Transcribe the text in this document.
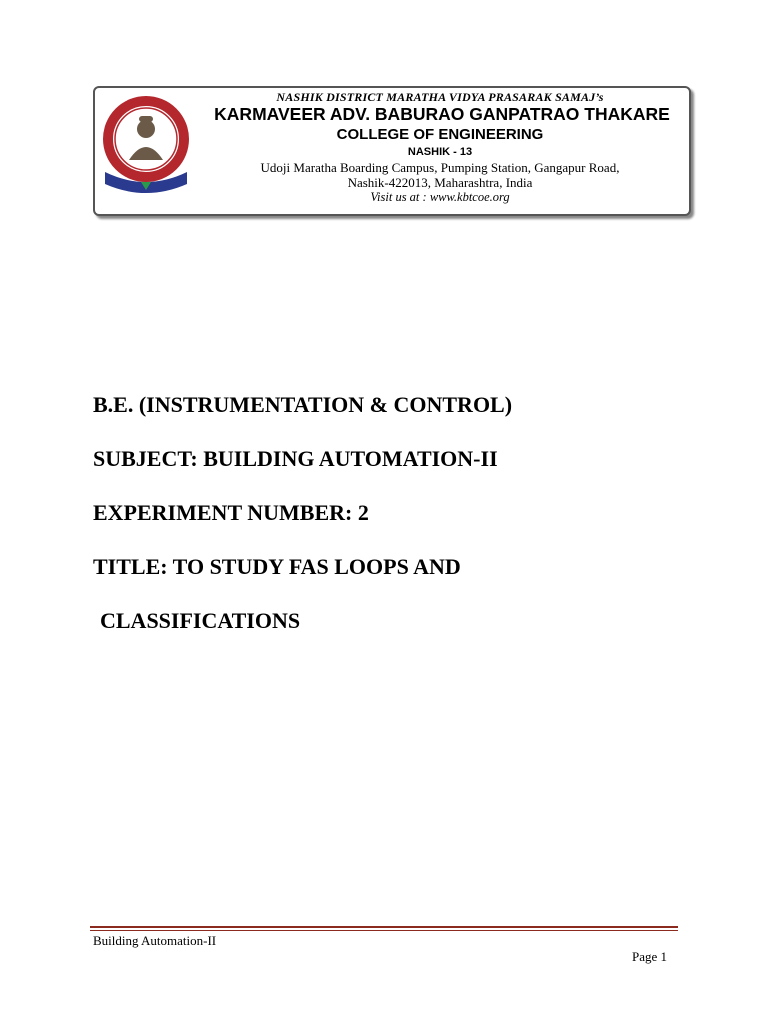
NASHIK DISTRICT MARATHA VIDYA PRASARAK SAMAJ’s
KARMAVEER ADV. BABURAO GANPATRAO THAKARE
COLLEGE OF ENGINEERING
NASHIK - 13
Udoji Maratha Boarding Campus, Pumping Station, Gangapur Road,
Nashik-422013, Maharashtra, India
Visit us at : www.kbtcoe.org
B.E. (INSTRUMENTATION & CONTROL)
SUBJECT: BUILDING AUTOMATION-II
EXPERIMENT NUMBER: 2
TITLE: TO STUDY FAS LOOPS AND
CLASSIFICATIONS
Building Automation-II
Page 1
